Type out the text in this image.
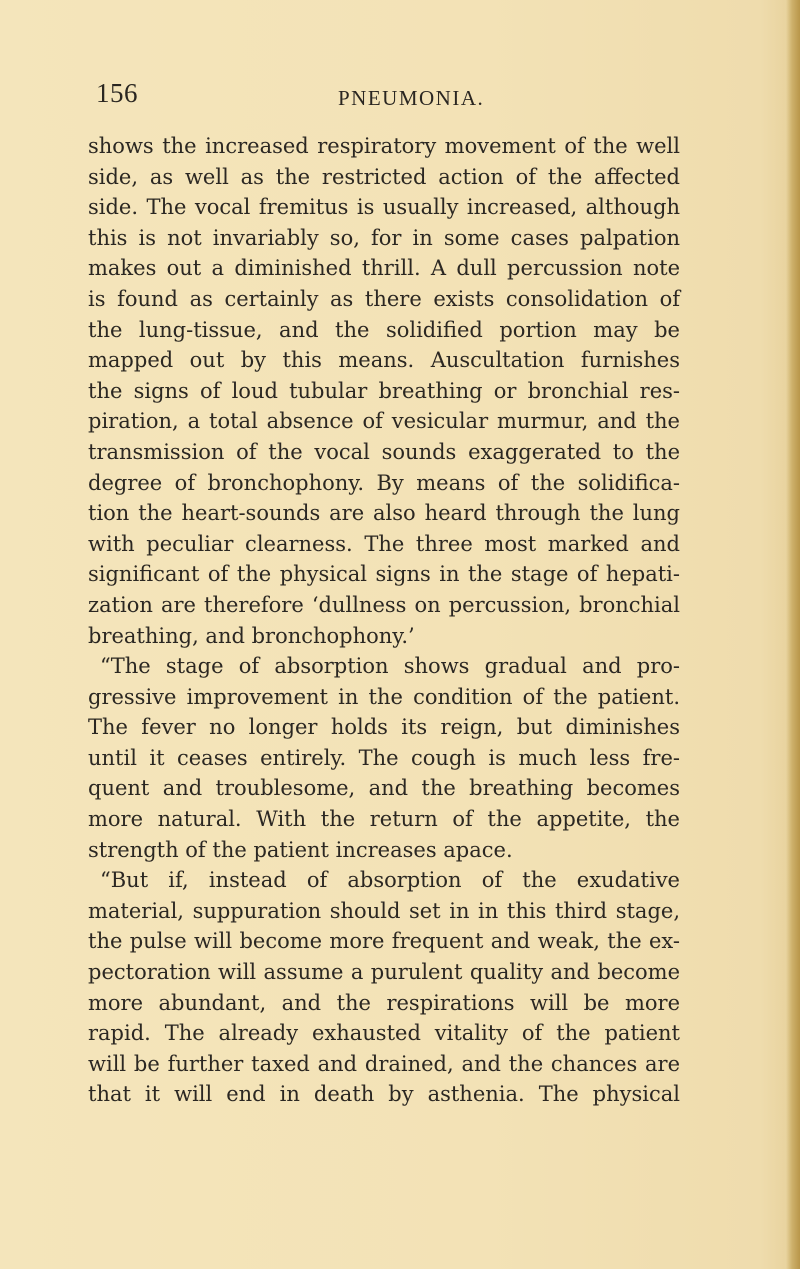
156	PNEUMONIA.
shows the increased respiratory movement of the well
side, as well as the restricted action of the affected
side. The vocal fremitus is usually increased, although
this is not invariably so, for in some cases palpation
makes out a diminished thrill. A dull percussion note
is found as certainly as there exists consolidation of
the lung-tissue, and the solidified portion may be
mapped out by this means. Auscultation furnishes
the signs of loud tubular breathing or bronchial res-
piration, a total absence of vesicular murmur, and the
transmission of the vocal sounds exaggerated to the
degree of bronchophony. By means of the solidifica-
tion the heart-sounds are also heard through the lung
with peculiar clearness. The three most marked and
significant of the physical signs in the stage of hepati-
zation are therefore ‘dullness on percussion, bronchial
breathing, and bronchophony.’
“The stage of absorption shows gradual and pro-
gressive improvement in the condition of the patient.
The fever no longer holds its reign, but diminishes
until it ceases entirely. The cough is much less fre-
quent and troublesome, and the breathing becomes
more natural. With the return of the appetite, the
strength of the patient increases apace.
“But if, instead of absorption of the exudative
material, suppuration should set in in this third stage,
the pulse will become more frequent and weak, the ex-
pectoration will assume a purulent quality and become
more abundant, and the respirations will be more
rapid. The already exhausted vitality of the patient
will be further taxed and drained, and the chances are
that it will end in death by asthenia. The physical
